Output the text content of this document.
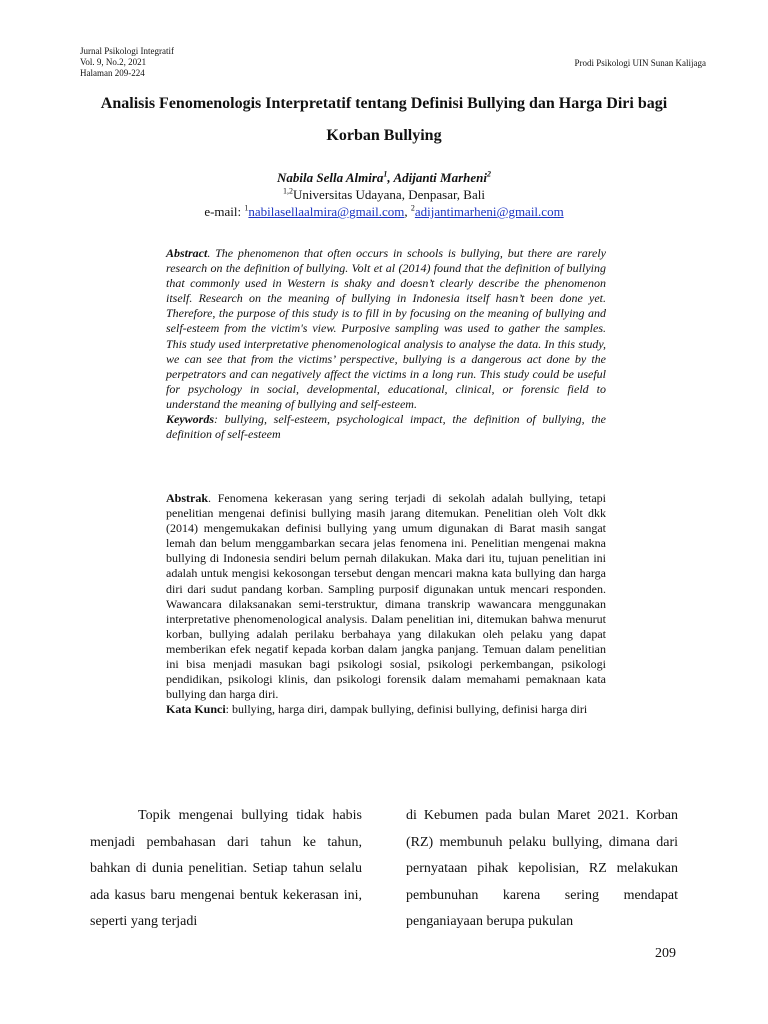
Jurnal Psikologi Integratif
Vol. 9, No.2, 2021
Halaman 209-224
Prodi Psikologi UIN Sunan Kalijaga
Analisis Fenomenologis Interpretatif tentang Definisi Bullying dan Harga Diri bagi Korban Bullying
Nabila Sella Almira$^1$, Adijanti Marheni$^2$
$^{1,2}$Universitas Udayana, Denpasar, Bali
e-mail: $^1$nabilasellaalmira@gmail.com, $^2$adijantimarheni@gmail.com
Abstract. The phenomenon that often occurs in schools is bullying, but there are rarely research on the definition of bullying. Volt et al (2014) found that the definition of bullying that commonly used in Western is shaky and doesn’t clearly describe the phenomenon itself. Research on the meaning of bullying in Indonesia itself hasn’t been done yet. Therefore, the purpose of this study is to fill in by focusing on the meaning of bullying and self-esteem from the victim's view. Purposive sampling was used to gather the samples. This study used interpretative phenomenological analysis to analyse the data. In this study, we can see that from the victims’ perspective, bullying is a dangerous act done by the perpetrators and can negatively affect the victims in a long run. This study could be useful for psychology in social, developmental, educational, clinical, or forensic field to understand the meaning of bullying and self-esteem.
Keywords: bullying, self-esteem, psychological impact, the definition of bullying, the definition of self-esteem
Abstrak. Fenomena kekerasan yang sering terjadi di sekolah adalah bullying, tetapi penelitian mengenai definisi bullying masih jarang ditemukan. Penelitian oleh Volt dkk (2014) mengemukakan definisi bullying yang umum digunakan di Barat masih sangat lemah dan belum menggambarkan secara jelas fenomena ini. Penelitian mengenai makna bullying di Indonesia sendiri belum pernah dilakukan. Maka dari itu, tujuan penelitian ini adalah untuk mengisi kekosongan tersebut dengan mencari makna kata bullying dan harga diri dari sudut pandang korban. Sampling purposif digunakan untuk mencari responden. Wawancara dilaksanakan semi-terstruktur, dimana transkrip wawancara menggunakan interpretative phenomenological analysis. Dalam penelitian ini, ditemukan bahwa menurut korban, bullying adalah perilaku berbahaya yang dilakukan oleh pelaku yang dapat memberikan efek negatif kepada korban dalam jangka panjang. Temuan dalam penelitian ini bisa menjadi masukan bagi psikologi sosial, psikologi perkembangan, psikologi pendidikan, psikologi klinis, dan psikologi forensik dalam memahami pemaknaan kata bullying dan harga diri.
Kata Kunci: bullying, harga diri, dampak bullying, definisi bullying, definisi harga diri

Topik mengenai bullying tidak habis menjadi pembahasan dari tahun ke tahun, bahkan di dunia penelitian. Setiap tahun selalu ada kasus baru mengenai bentuk kekerasan ini, seperti yang terjadi

di Kebumen pada bulan Maret 2021. Korban (RZ) membunuh pelaku bullying, dimana dari pernyataan pihak kepolisian, RZ melakukan pembunuhan karena sering mendapat penganiayaan berupa pukulan

209
